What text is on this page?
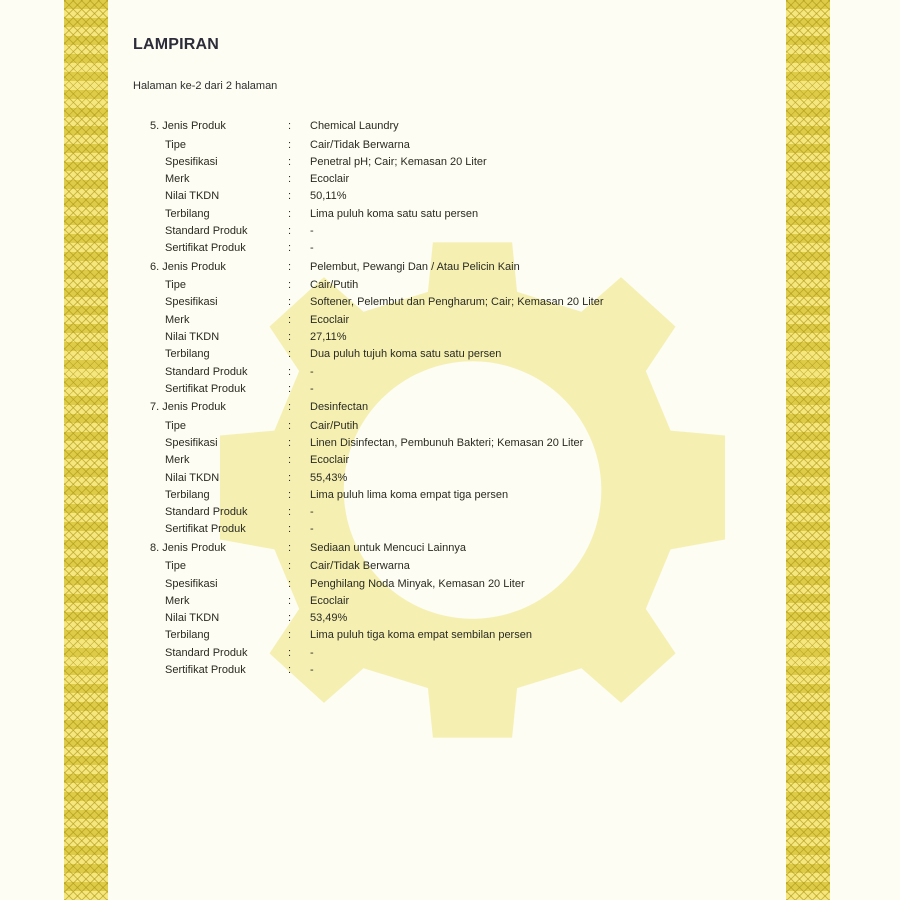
LAMPIRAN
Halaman ke-2 dari 2 halaman
5. Jenis Produk	:	Chemical Laundry
Tipe	:	Cair/Tidak Berwarna
Spesifikasi	:	Penetral pH; Cair; Kemasan 20 Liter
Merk	:	Ecoclair
Nilai TKDN	:	50,11%
Terbilang	:	Lima puluh koma satu satu persen
Standard Produk	:	-
Sertifikat Produk	:	-
6. Jenis Produk	:	Pelembut, Pewangi Dan / Atau Pelicin Kain
Tipe	:	Cair/Putih
Spesifikasi	:	Softener, Pelembut dan Pengharum; Cair; Kemasan 20 Liter
Merk	:	Ecoclair
Nilai TKDN	:	27,11%
Terbilang	:	Dua puluh tujuh koma satu satu persen
Standard Produk	:	-
Sertifikat Produk	:	-
7. Jenis Produk	:	Desinfectan
Tipe	:	Cair/Putih
Spesifikasi	:	Linen Disinfectan, Pembunuh Bakteri; Kemasan 20 Liter
Merk	:	Ecoclair
Nilai TKDN	:	55,43%
Terbilang	:	Lima puluh lima koma empat tiga persen
Standard Produk	:	-
Sertifikat Produk	:	-
8. Jenis Produk	:	Sediaan untuk Mencuci Lainnya
Tipe	:	Cair/Tidak Berwarna
Spesifikasi	:	Penghilang Noda Minyak, Kemasan 20 Liter
Merk	:	Ecoclair
Nilai TKDN	:	53,49%
Terbilang	:	Lima puluh tiga koma empat sembilan persen
Standard Produk	:	-
Sertifikat Produk	:	-
